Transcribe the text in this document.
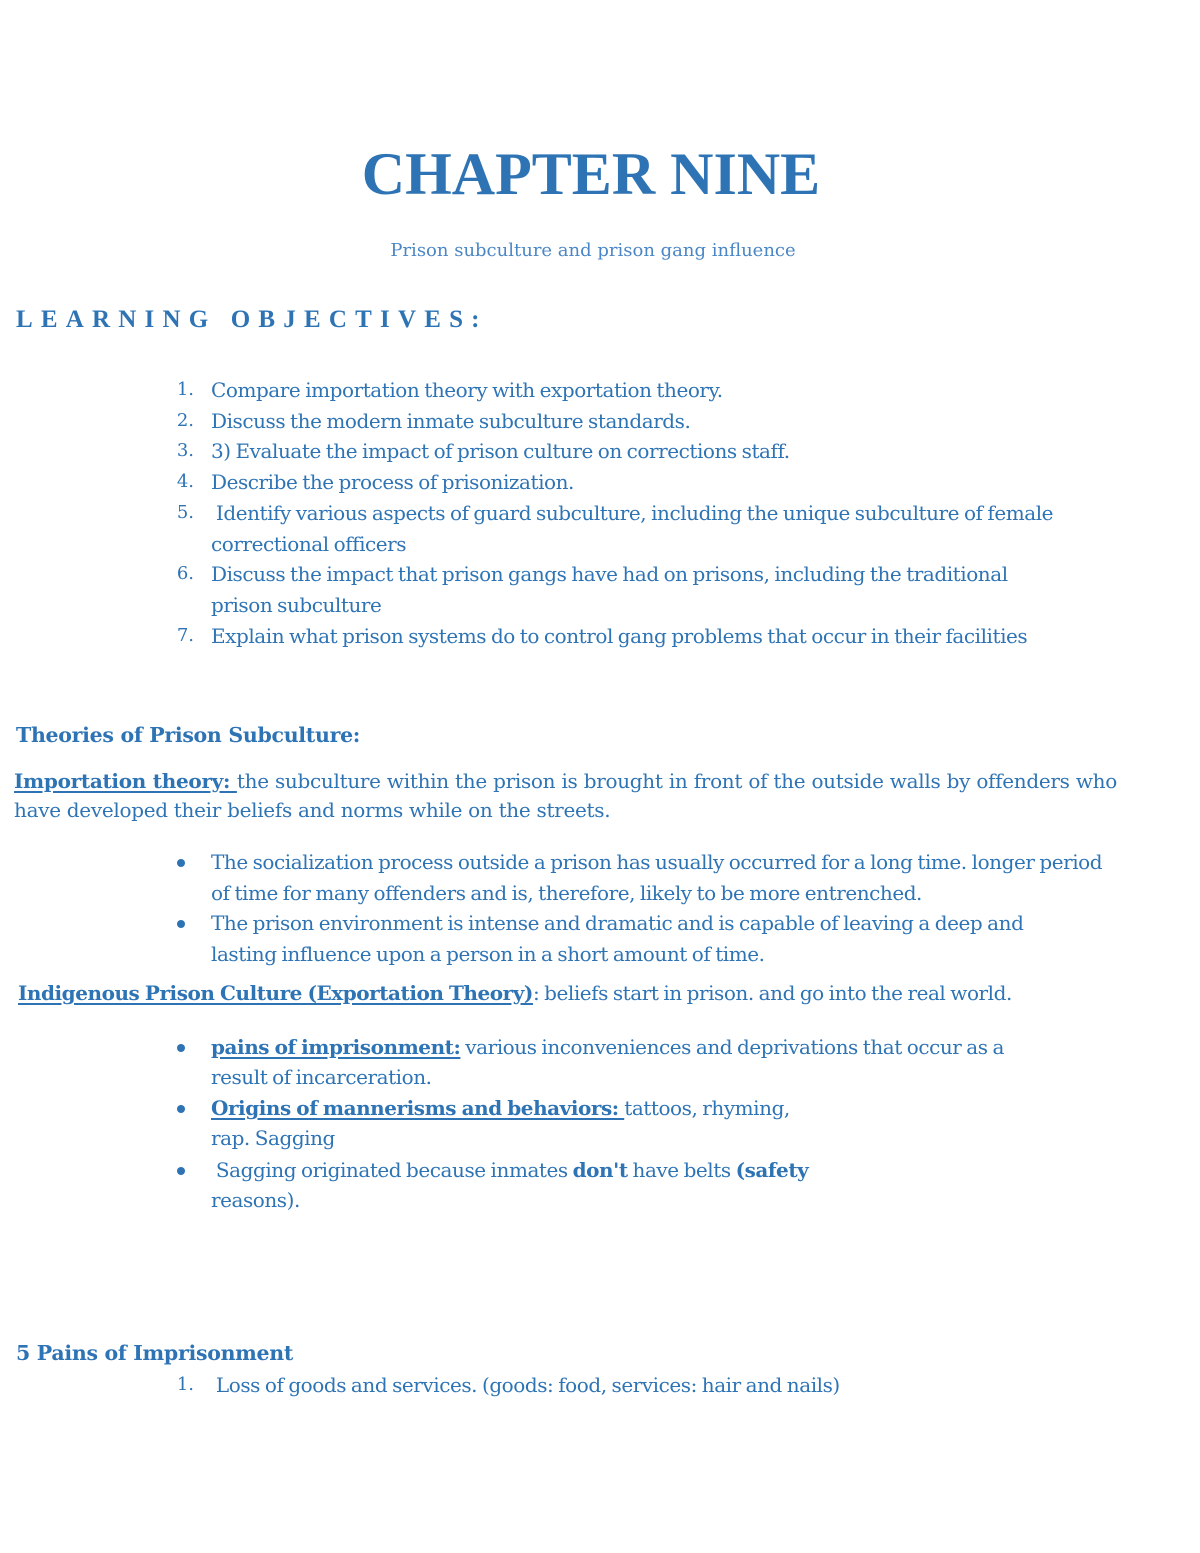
CHAPTER NINE

Prison subculture and prison gang influence

LEARNING OBJECTIVES:
1. Compare importation theory with exportation theory.
2. Discuss the modern inmate subculture standards.
3. 3) Evaluate the impact of prison culture on corrections staff.
4. Describe the process of prisonization.
5. Identify various aspects of guard subculture, including the unique subculture of female
correctional officers
6. Discuss the impact that prison gangs have had on prisons, including the traditional
prison subculture
7. Explain what prison systems do to control gang problems that occur in their facilities
Theories of Prison Subculture:

Importation theory: the subculture within the prison is brought in front of the outside walls by offenders who have developed their beliefs and norms while on the streets.

The socialization process outside a prison has usually occurred for a long time. longer period
of time for many offenders and is, therefore, likely to be more entrenched.
The prison environment is intense and dramatic and is capable of leaving a deep and
lasting influence upon a person in a short amount of time.

Indigenous Prison Culture (Exportation Theory): beliefs start in prison. and go into the real world.

pains of imprisonment: various inconveniences and deprivations that occur as a
result of incarceration.
Origins of mannerisms and behaviors: tattoos, rhyming,
rap. Sagging
Sagging originated because inmates don't have belts (safety
reasons).
5 Pains of Imprisonment
1. Loss of goods and services. (goods: food, services: hair and nails)
